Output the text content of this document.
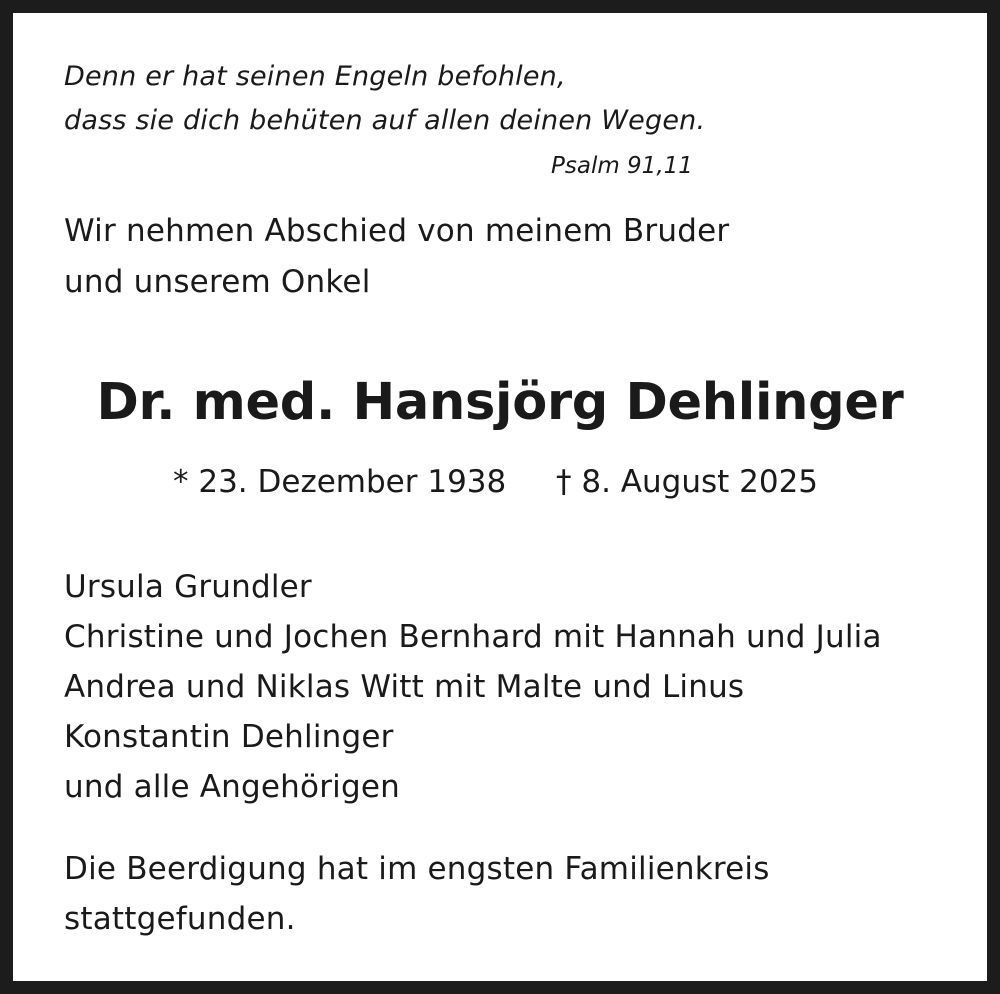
Denn er hat seinen Engeln befohlen,
dass sie dich behüten auf allen deinen Wegen.
Psalm 91,11
Wir nehmen Abschied von meinem Bruder
und unserem Onkel
Dr. med. Hansjörg Dehlinger
* 23. Dezember 1938 † 8. August 2025
Ursula Grundler
Christine und Jochen Bernhard mit Hannah und Julia
Andrea und Niklas Witt mit Malte und Linus
Konstantin Dehlinger
und alle Angehörigen
Die Beerdigung hat im engsten Familienkreis
stattgefunden.
